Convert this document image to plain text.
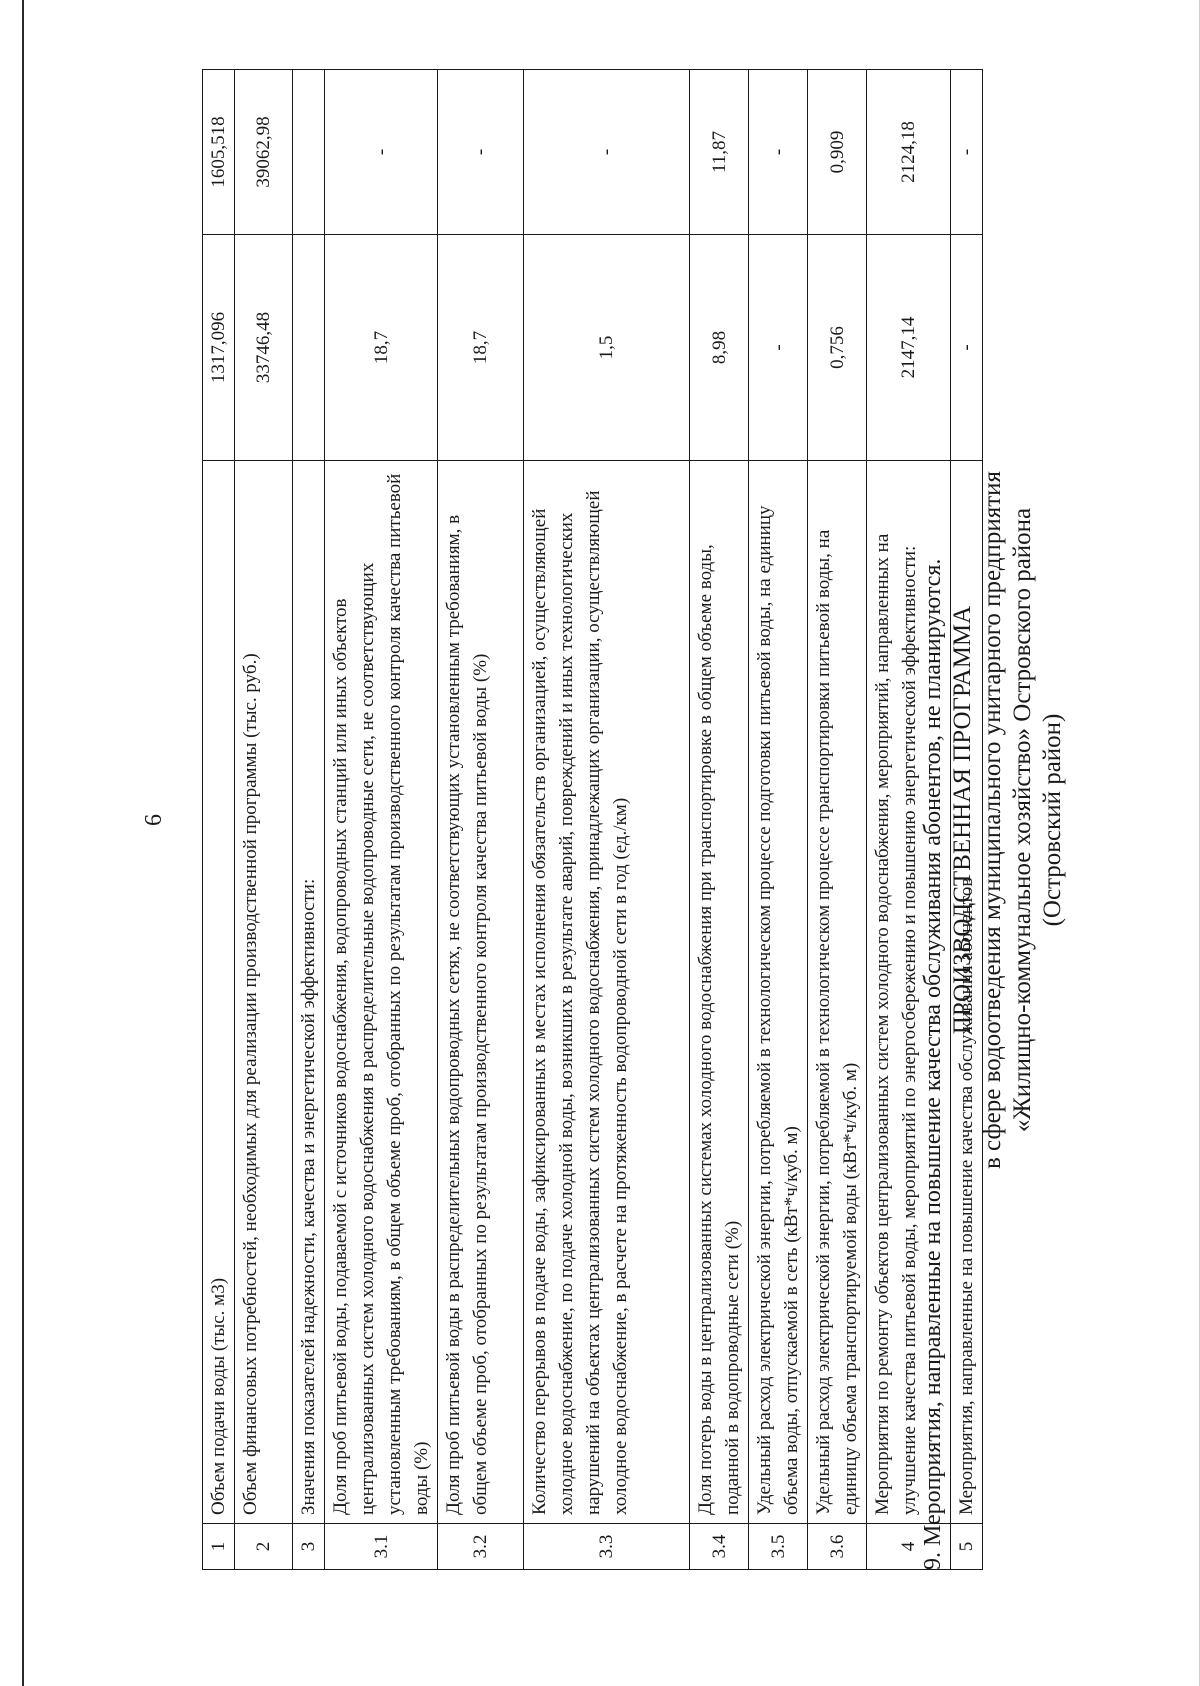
6
1	Объем подачи воды (тыс. м3)	1317,096	1605,518
2	Объем финансовых потребностей, необходимых для реализации производственной программы (тыс. руб.)	33746,48	39062,98
3	Значения показателей надежности, качества и энергетической эффективности:		
3.1	Доля проб питьевой воды, подаваемой с источников водоснабжения, водопроводных станций или иных объектов централизованных систем холодного водоснабжения в распределительные водопроводные сети, не соответствующих установленным требованиям, в общем объеме проб, отобранных по результатам производственного контроля качества питьевой воды (%)	18,7	-
3.2	Доля проб питьевой воды в распределительных водопроводных сетях, не соответствующих установленным требованиям, в общем объеме проб, отобранных по результатам производственного контроля качества питьевой воды (%)	18,7	-
3.3	Количество перерывов в подаче воды, зафиксированных в местах исполнения обязательств организацией, осуществляющей холодное водоснабжение, по подаче холодной воды, возникших в результате аварий, повреждений и иных технологических нарушений на объектах централизованных систем холодного водоснабжения, принадлежащих организации, осуществляющей холодное водоснабжение, в расчете на протяженность водопроводной сети в год (ед./км)	1,5	-
3.4	Доля потерь воды в централизованных системах холодного водоснабжения при транспортировке в общем объеме воды, поданной в водопроводные сети (%)	8,98	11,87
3.5	Удельный расход электрической энергии, потребляемой в технологическом процессе подготовки питьевой воды, на единицу объема воды, отпускаемой в сеть (кВт*ч/куб. м)	-	-
3.6	Удельный расход электрической энергии, потребляемой в технологическом процессе транспортировки питьевой воды, на единицу объема транспортируемой воды (кВт*ч/куб. м)	0,756	0,909
4	Мероприятия по ремонту объектов централизованных систем холодного водоснабжения, мероприятий, направленных на улучшение качества питьевой воды, мероприятий по энергосбережению и повышению энергетической эффективности:	2147,14	2124,18
5	Мероприятия, направленные на повышение качества обслуживания абонентов	-	-
9. Мероприятия, направленные на повышение качества обслуживания абонентов, не планируются. ПРОИЗВОДСТВЕННАЯ ПРОГРАММА в сфере водоотведения муниципального унитарного предприятия «Жилищно-коммунальное хозяйство» Островского района (Островский район)
